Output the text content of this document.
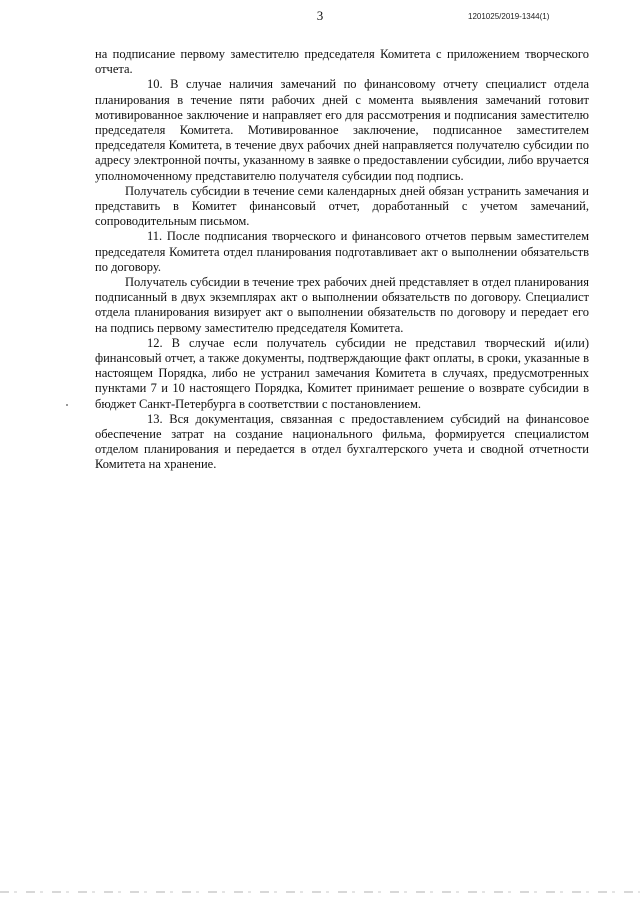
3	1201025/2019-1344(1)

на подписание первому заместителю председателя Комитета с приложением творческого отчета.

10. В случае наличия замечаний по финансовому отчету специалист отдела планирования в течение пяти рабочих дней с момента выявления замечаний готовит мотивированное заключение и направляет его для рассмотрения и подписания заместителю председателя Комитета. Мотивированное заключение, подписанное заместителем председателя Комитета, в течение двух рабочих дней направляется получателю субсидии по адресу электронной почты, указанному в заявке о предоставлении субсидии, либо вручается уполномоченному представителю получателя субсидии под подпись.

Получатель субсидии в течение семи календарных дней обязан устранить замечания и представить в Комитет финансовый отчет, доработанный с учетом замечаний, сопроводительным письмом.

11. После подписания творческого и финансового отчетов первым заместителем председателя Комитета отдел планирования подготавливает акт о выполнении обязательств по договору.

Получатель субсидии в течение трех рабочих дней представляет в отдел планирования подписанный в двух экземплярах акт о выполнении обязательств по договору. Специалист отдела планирования визирует акт о выполнении обязательств по договору и передает его на подпись первому заместителю председателя Комитета.

12. В случае если получатель субсидии не представил творческий и(или) финансовый отчет, а также документы, подтверждающие факт оплаты, в сроки, указанные в настоящем Порядка, либо не устранил замечания Комитета в случаях, предусмотренных пунктами 7 и 10 настоящего Порядка, Комитет принимает решение о возврате субсидии в бюджет Санкт-Петербурга в соответствии с постановлением.

13. Вся документация, связанная с предоставлением субсидий на финансовое обеспечение затрат на создание национального фильма, формируется специалистом отделом планирования и передается в отдел бухгалтерского учета и сводной отчетности Комитета на хранение.
